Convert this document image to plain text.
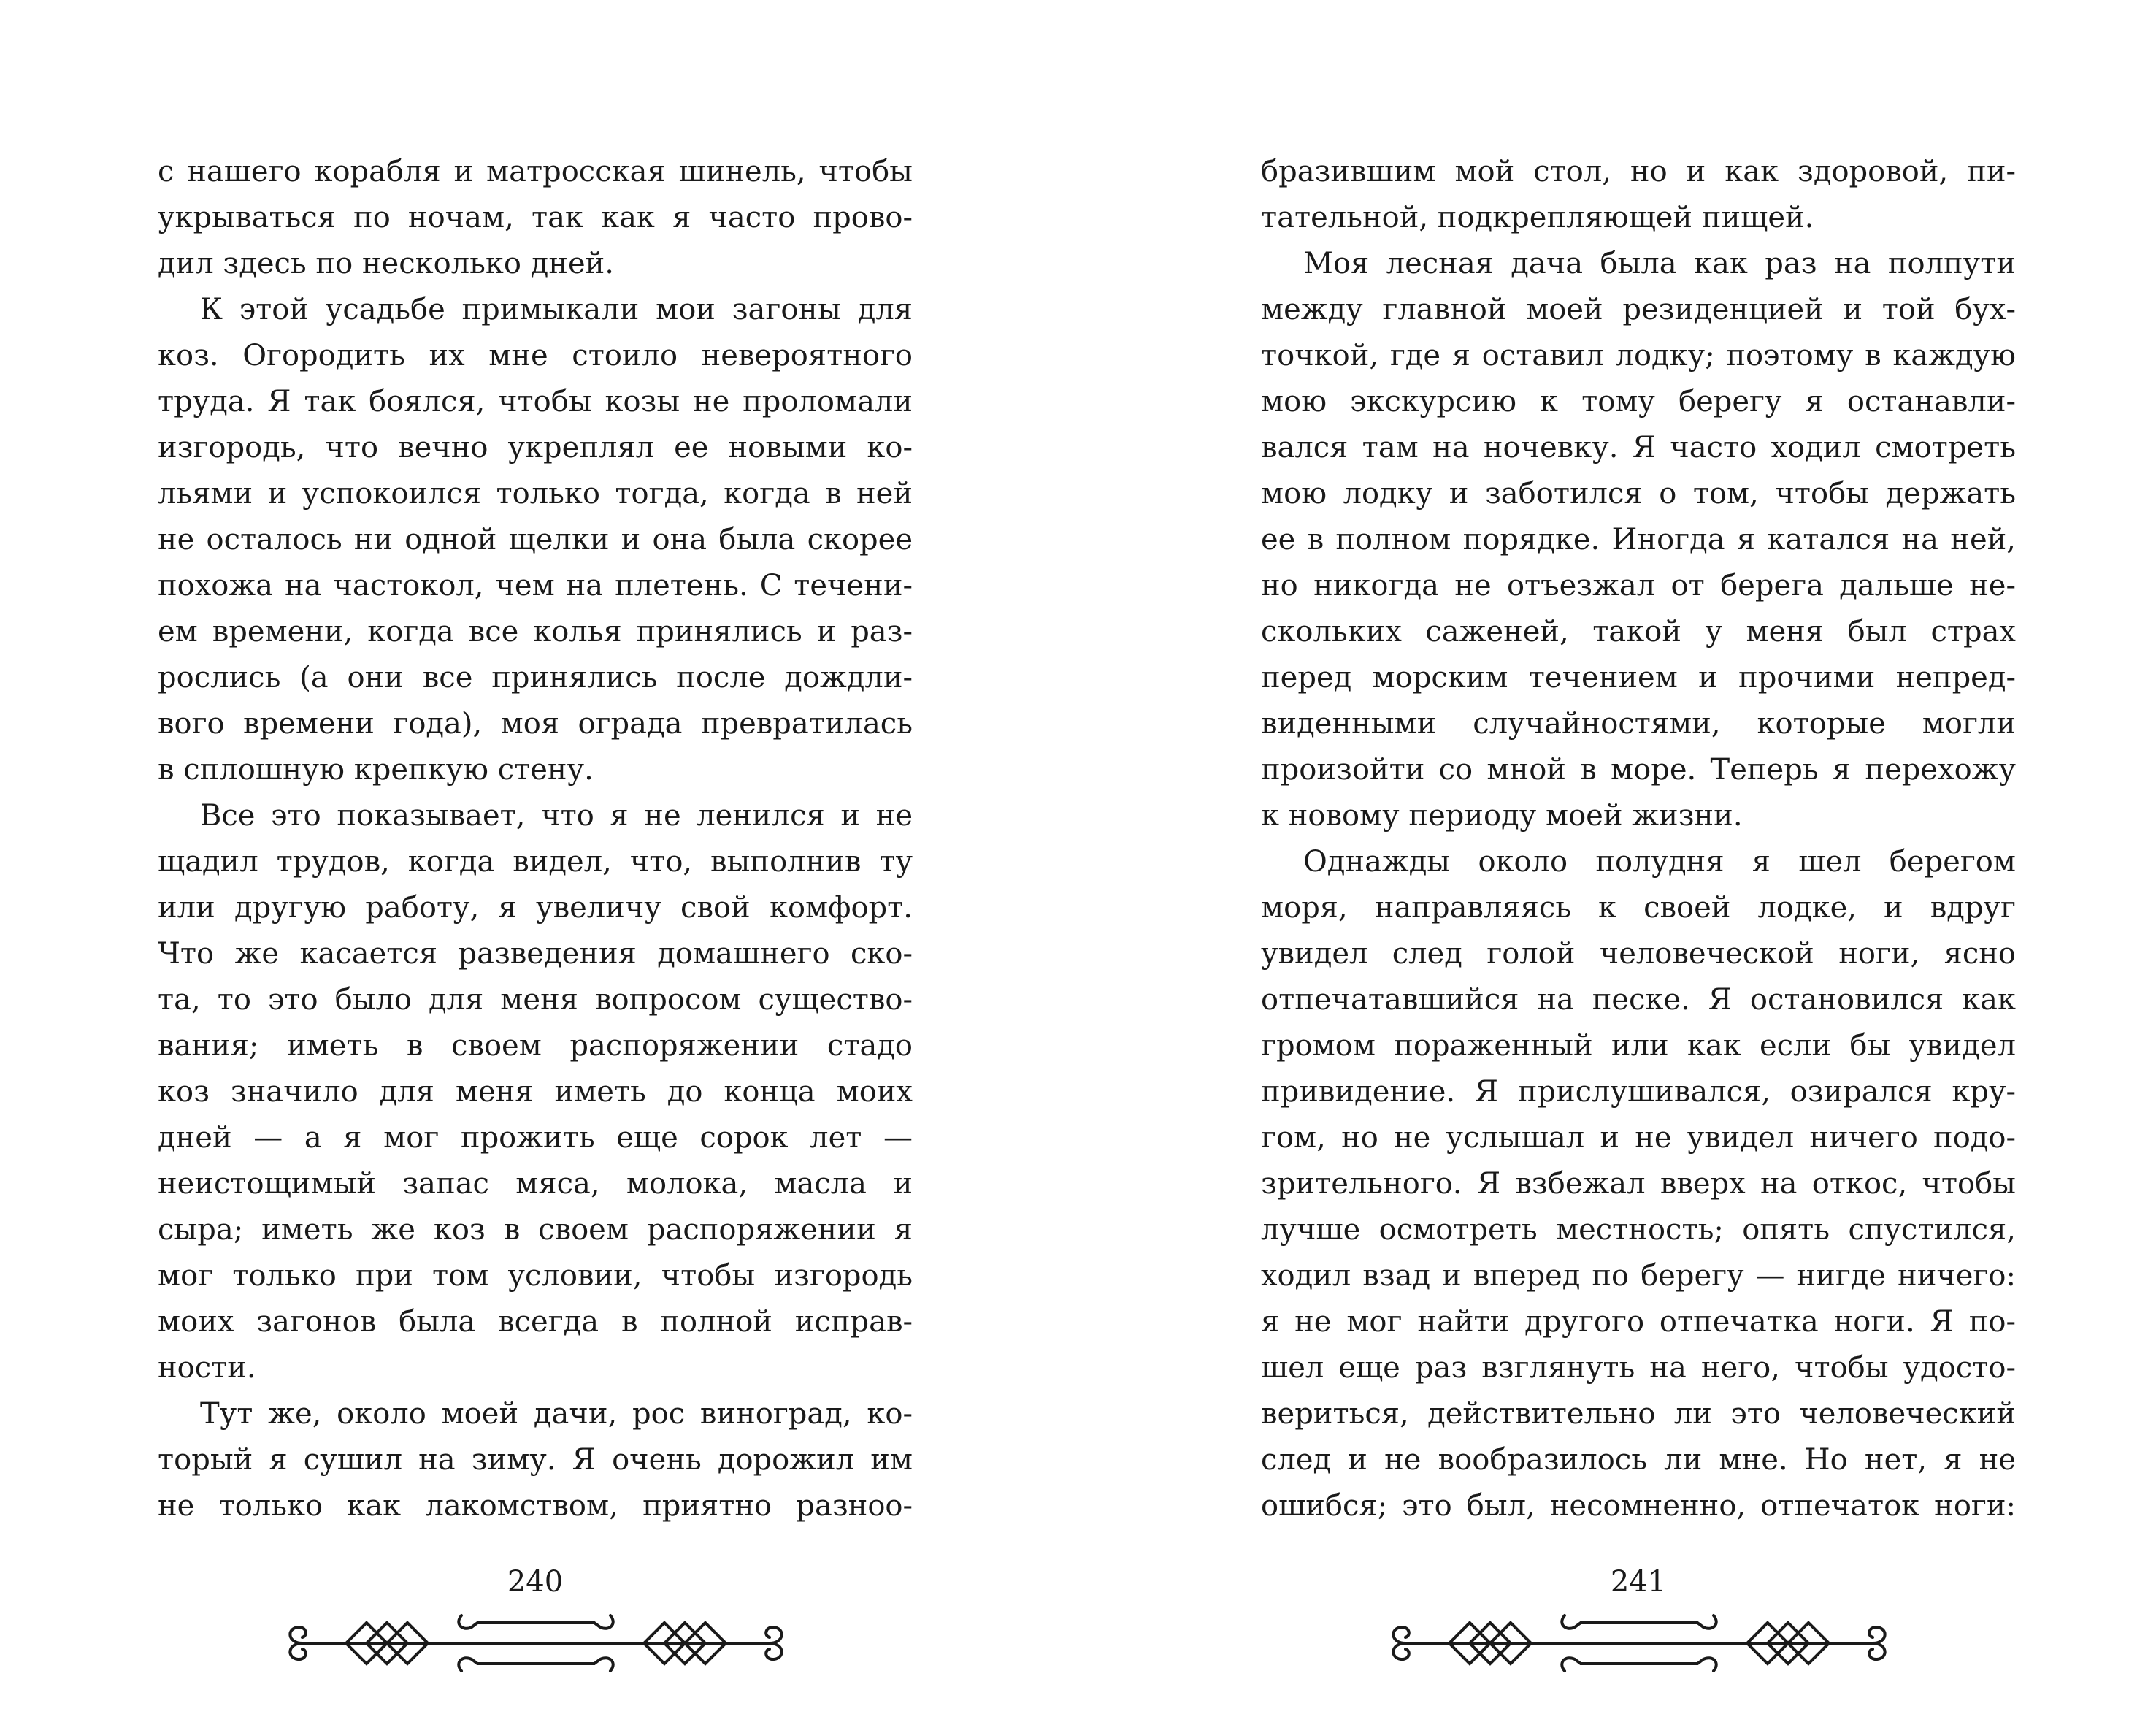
с нашего корабля и матросская шинель, чтобы
укрываться по ночам, так как я часто прово-
дил здесь по несколько дней.
К этой усадьбе примыкали мои загоны для
коз. Огородить их мне стоило невероятного
труда. Я так боялся, чтобы козы не проломали
изгородь, что вечно укреплял ее новыми ко-
льями и успокоился только тогда, когда в ней
не осталось ни одной щелки и она была скорее
похожа на частокол, чем на плетень. С течени-
ем времени, когда все колья принялись и раз-
рослись (а они все принялись после дождли-
вого времени года), моя ограда превратилась
в сплошную крепкую стену.
Все это показывает, что я не ленился и не
щадил трудов, когда видел, что, выполнив ту
или другую работу, я увеличу свой комфорт.
Что же касается разведения домашнего ско-
та, то это было для меня вопросом существо-
вания; иметь в своем распоряжении стадо
коз значило для меня иметь до конца моих
дней — а я мог прожить еще сорок лет —
неистощимый запас мяса, молока, масла и
сыра; иметь же коз в своем распоряжении я
мог только при том условии, чтобы изгородь
моих загонов была всегда в полной исправ-
ности.
Тут же, около моей дачи, рос виноград, ко-
торый я сушил на зиму. Я очень дорожил им
не только как лакомством, приятно разноо-
240
бразившим мой стол, но и как здоровой, пи-
тательной, подкрепляющей пищей.
Моя лесная дача была как раз на полпути
между главной моей резиденцией и той бух-
точкой, где я оставил лодку; поэтому в каждую
мою экскурсию к тому берегу я останавли-
вался там на ночевку. Я часто ходил смотреть
мою лодку и заботился о том, чтобы держать
ее в полном порядке. Иногда я катался на ней,
но никогда не отъезжал от берега дальше не-
скольких саженей, такой у меня был страх
перед морским течением и прочими непред-
виденными случайностями, которые могли
произойти со мной в море. Теперь я перехожу
к новому периоду моей жизни.
Однажды около полудня я шел берегом
моря, направляясь к своей лодке, и вдруг
увидел след голой человеческой ноги, ясно
отпечатавшийся на песке. Я остановился как
громом пораженный или как если бы увидел
привидение. Я прислушивался, озирался кру-
гом, но не услышал и не увидел ничего подо-
зрительного. Я взбежал вверх на откос, чтобы
лучше осмотреть местность; опять спустился,
ходил взад и вперед по берегу — нигде ничего:
я не мог найти другого отпечатка ноги. Я по-
шел еще раз взглянуть на него, чтобы удосто-
вериться, действительно ли это человеческий
след и не вообразилось ли мне. Но нет, я не
ошибся; это был, несомненно, отпечаток ноги:
241
